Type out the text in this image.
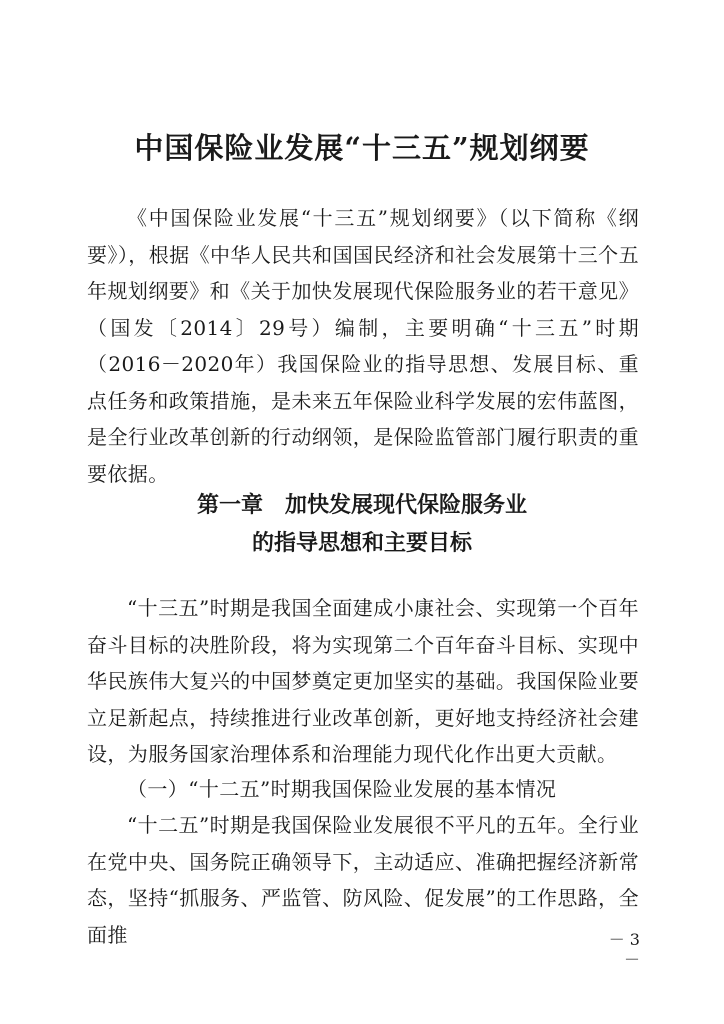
中国保险业发展“十三五”规划纲要

《中国保险业发展“十三五”规划纲要》（以下简称《纲要》），根据《中华人民共和国国民经济和社会发展第十三个五年规划纲要》和《关于加快发展现代保险服务业的若干意见》（国发〔2014〕29号）编制，主要明确“十三五”时期（2016－2020年）我国保险业的指导思想、发展目标、重点任务和政策措施，是未来五年保险业科学发展的宏伟蓝图，是全行业改革创新的行动纲领，是保险监管部门履行职责的重要依据。

第一章　加快发展现代保险服务业
的指导思想和主要目标

“十三五”时期是我国全面建成小康社会、实现第一个百年奋斗目标的决胜阶段，将为实现第二个百年奋斗目标、实现中华民族伟大复兴的中国梦奠定更加坚实的基础。我国保险业要立足新起点，持续推进行业改革创新，更好地支持经济社会建设，为服务国家治理体系和治理能力现代化作出更大贡献。

（一）“十二五”时期我国保险业发展的基本情况

“十二五”时期是我国保险业发展很不平凡的五年。全行业在党中央、国务院正确领导下，主动适应、准确把握经济新常态，坚持“抓服务、严监管、防风险、促发展”的工作思路，全面推	－ 3 －
